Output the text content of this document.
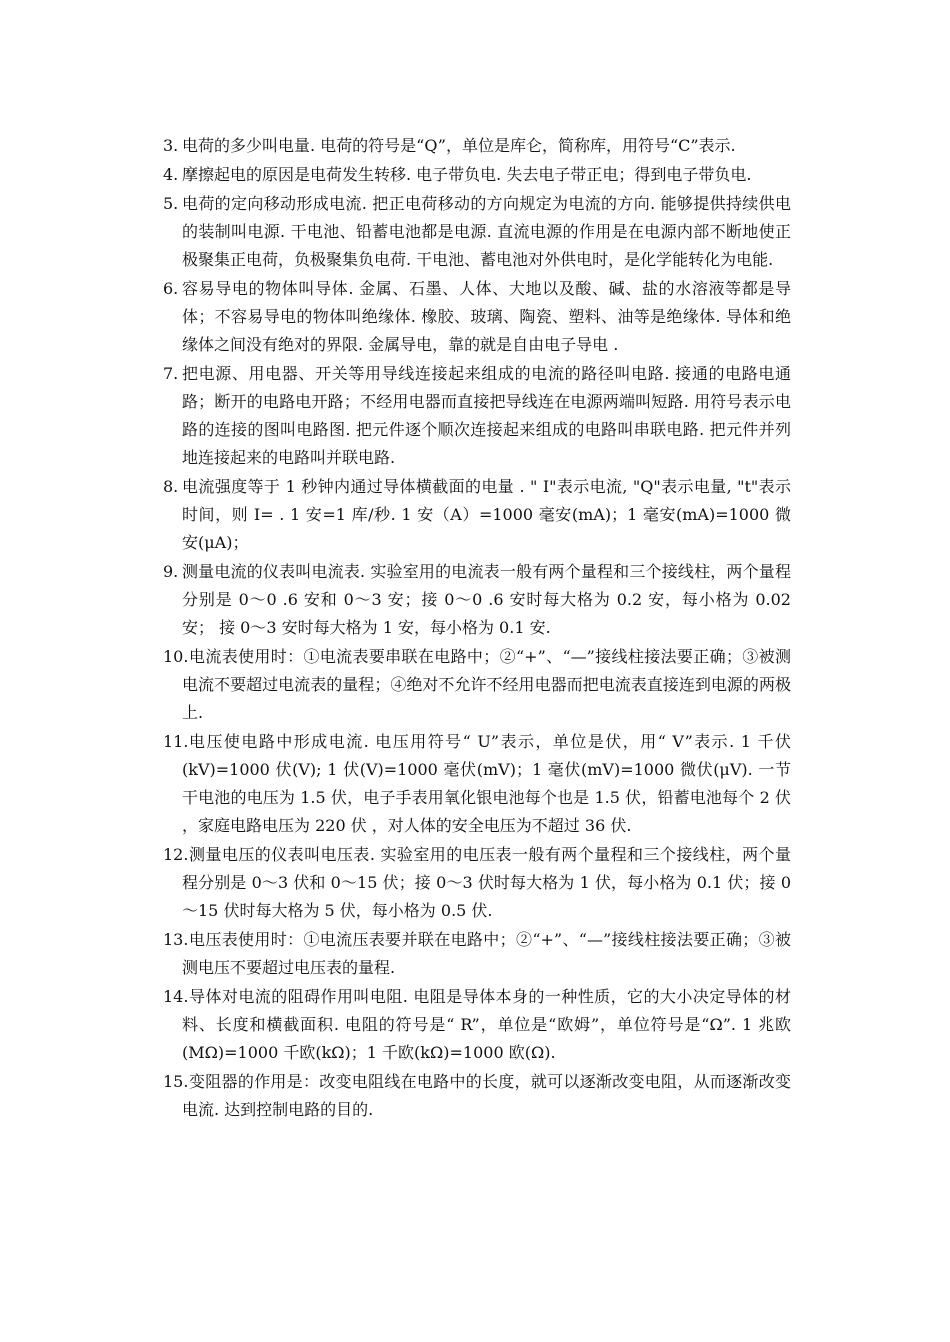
3. 电荷的多少叫电量. 电荷的符号是“Q”，单位是库仑，简称库，用符号“C”表示.
4. 摩擦起电的原因是电荷发生转移. 电子带负电. 失去电子带正电；得到电子带负电.
5. 电荷的定向移动形成电流. 把正电荷移动的方向规定为电流的方向. 能够提供持续供电的装制叫电源. 干电池、铅蓄电池都是电源. 直流电源的作用是在电源内部不断地使正极聚集正电荷，负极聚集负电荷. 干电池、蓄电池对外供电时，是化学能转化为电能.
6. 容易导电的物体叫导体. 金属、石墨、人体、大地以及酸、碱、盐的水溶液等都是导体；不容易导电的物体叫绝缘体. 橡胶、玻璃、陶瓷、塑料、油等是绝缘体. 导体和绝缘体之间没有绝对的界限. 金属导电，靠的就是自由电子导电 .
7. 把电源、用电器、开关等用导线连接起来组成的电流的路径叫电路. 接通的电路电通路；断开的电路电开路；不经用电器而直接把导线连在电源两端叫短路. 用符号表示电路的连接的图叫电路图. 把元件逐个顺次连接起来组成的电路叫串联电路. 把元件并列地连接起来的电路叫并联电路.
8. 电流强度等于 1 秒钟内通过导体横截面的电量 . " I"表示电流, "Q"表示电量, "t"表示时间，则 I= . 1 安=1 库/秒. 1 安（A）=1000 毫安(mA)；1 毫安(mA)=1000 微安(μA)；
9. 测量电流的仪表叫电流表. 实验室用的电流表一般有两个量程和三个接线柱，两个量程分别是 0～0 .6 安和 0～3 安；接 0～0 .6 安时每大格为 0.2 安，每小格为 0.02 安； 接 0～3 安时每大格为 1 安，每小格为 0.1 安.
10. 电流表使用时：①电流表要串联在电路中；②“+”、“—”接线柱接法要正确；③被测电流不要超过电流表的量程；④绝对不允许不经用电器而把电流表直接连到电源的两极上.
11. 电压使电路中形成电流. 电压用符号“ U”表示，单位是伏，用“ V”表示. 1 千伏(kV)=1000 伏(V); 1 伏(V)=1000 毫伏(mV)；1 毫伏(mV)=1000 微伏(μV). 一节干电池的电压为 1.5 伏，电子手表用氧化银电池每个也是 1.5 伏，铅蓄电池每个 2 伏 ，家庭电路电压为 220 伏 ，对人体的安全电压为不超过 36 伏.
12. 测量电压的仪表叫电压表. 实验室用的电压表一般有两个量程和三个接线柱，两个量程分别是 0～3 伏和 0～15 伏；接 0～3 伏时每大格为 1 伏，每小格为 0.1 伏；接 0～15 伏时每大格为 5 伏，每小格为 0.5 伏.
13. 电压表使用时：①电流压表要并联在电路中；②“+”、“—”接线柱接法要正确；③被测电压不要超过电压表的量程.
14. 导体对电流的阻碍作用叫电阻. 电阻是导体本身的一种性质，它的大小决定导体的材料、长度和横截面积. 电阻的符号是“ R”，单位是“欧姆”，单位符号是“Ω”. 1 兆欧(MΩ)=1000 千欧(kΩ)；1 千欧(kΩ)=1000 欧(Ω).
15. 变阻器的作用是：改变电阻线在电路中的长度，就可以逐渐改变电阻，从而逐渐改变电流. 达到控制电路的目的.
